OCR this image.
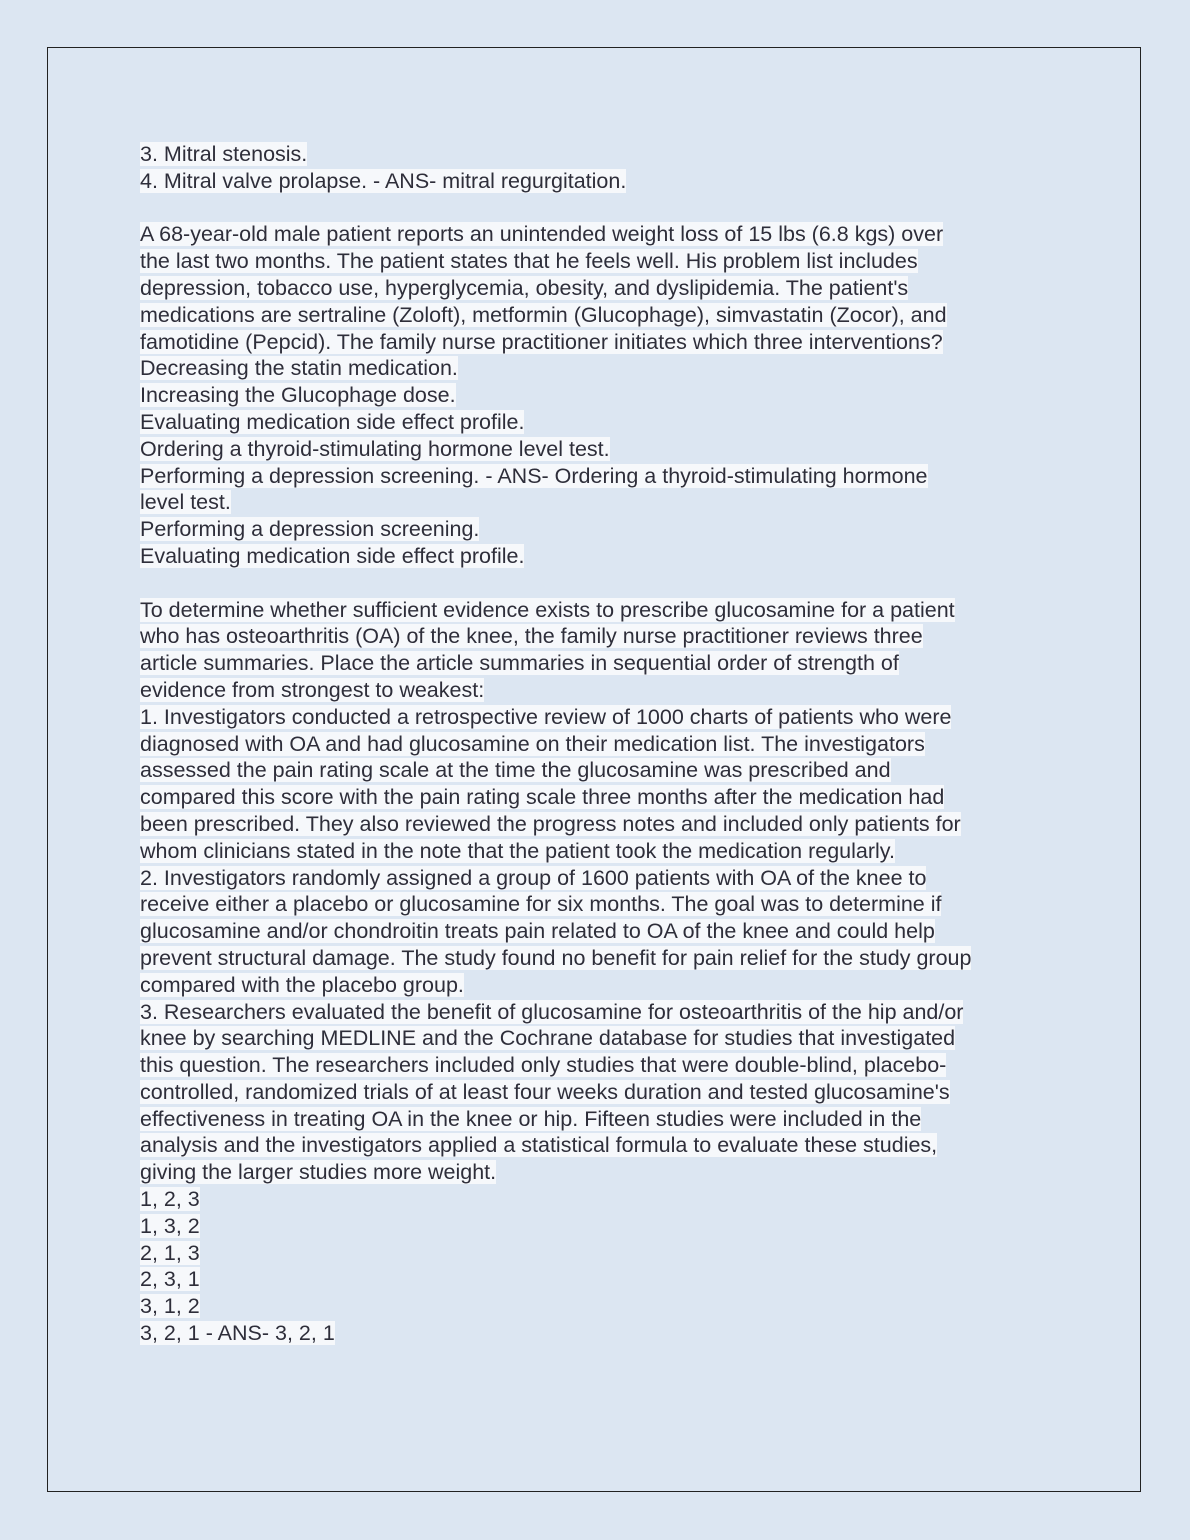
3. Mitral stenosis.
4. Mitral valve prolapse. - ANS- mitral regurgitation.
A 68-year-old male patient reports an unintended weight loss of 15 lbs (6.8 kgs) over
the last two months. The patient states that he feels well. His problem list includes
depression, tobacco use, hyperglycemia, obesity, and dyslipidemia. The patient's
medications are sertraline (Zoloft), metformin (Glucophage), simvastatin (Zocor), and
famotidine (Pepcid). The family nurse practitioner initiates which three interventions?
Decreasing the statin medication.
Increasing the Glucophage dose.
Evaluating medication side effect profile.
Ordering a thyroid-stimulating hormone level test.
Performing a depression screening. - ANS- Ordering a thyroid-stimulating hormone
level test.
Performing a depression screening.
Evaluating medication side effect profile.
To determine whether sufficient evidence exists to prescribe glucosamine for a patient
who has osteoarthritis (OA) of the knee, the family nurse practitioner reviews three
article summaries. Place the article summaries in sequential order of strength of
evidence from strongest to weakest:
1. Investigators conducted a retrospective review of 1000 charts of patients who were
diagnosed with OA and had glucosamine on their medication list. The investigators
assessed the pain rating scale at the time the glucosamine was prescribed and
compared this score with the pain rating scale three months after the medication had
been prescribed. They also reviewed the progress notes and included only patients for
whom clinicians stated in the note that the patient took the medication regularly.
2. Investigators randomly assigned a group of 1600 patients with OA of the knee to
receive either a placebo or glucosamine for six months. The goal was to determine if
glucosamine and/or chondroitin treats pain related to OA of the knee and could help
prevent structural damage. The study found no benefit for pain relief for the study group
compared with the placebo group.
3. Researchers evaluated the benefit of glucosamine for osteoarthritis of the hip and/or
knee by searching MEDLINE and the Cochrane database for studies that investigated
this question. The researchers included only studies that were double-blind, placebo-
controlled, randomized trials of at least four weeks duration and tested glucosamine's
effectiveness in treating OA in the knee or hip. Fifteen studies were included in the
analysis and the investigators applied a statistical formula to evaluate these studies,
giving the larger studies more weight.
1, 2, 3
1, 3, 2
2, 1, 3
2, 3, 1
3, 1, 2
3, 2, 1 - ANS- 3, 2, 1
